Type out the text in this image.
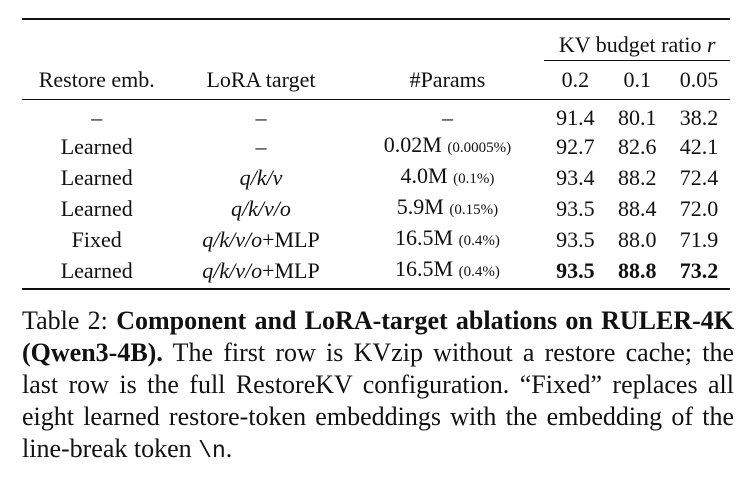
			KV budget ratio r		
Restore emb.	LoRA target	#Params	0.2	0.1	0.05
–	–	–	91.4	80.1	38.2
Learned	–	0.02M (0.0005%)	92.7	82.6	42.1
Learned	q/k/v	4.0M (0.1%)	93.4	88.2	72.4
Learned	q/k/v/o	5.9M (0.15%)	93.5	88.4	72.0
Fixed	q/k/v/o+MLP	16.5M (0.4%)	93.5	88.0	71.9
Learned	q/k/v/o+MLP	16.5M (0.4%)	93.5	88.8	73.2
Table 2: Component and LoRA-target ablations on RULER-4K (Qwen3-4B). The first row is KVzip without a restore cache; the last row is the full RestoreKV configuration. “Fixed” replaces all eight learned restore-token embeddings with the embedding of the line-break token \n.
